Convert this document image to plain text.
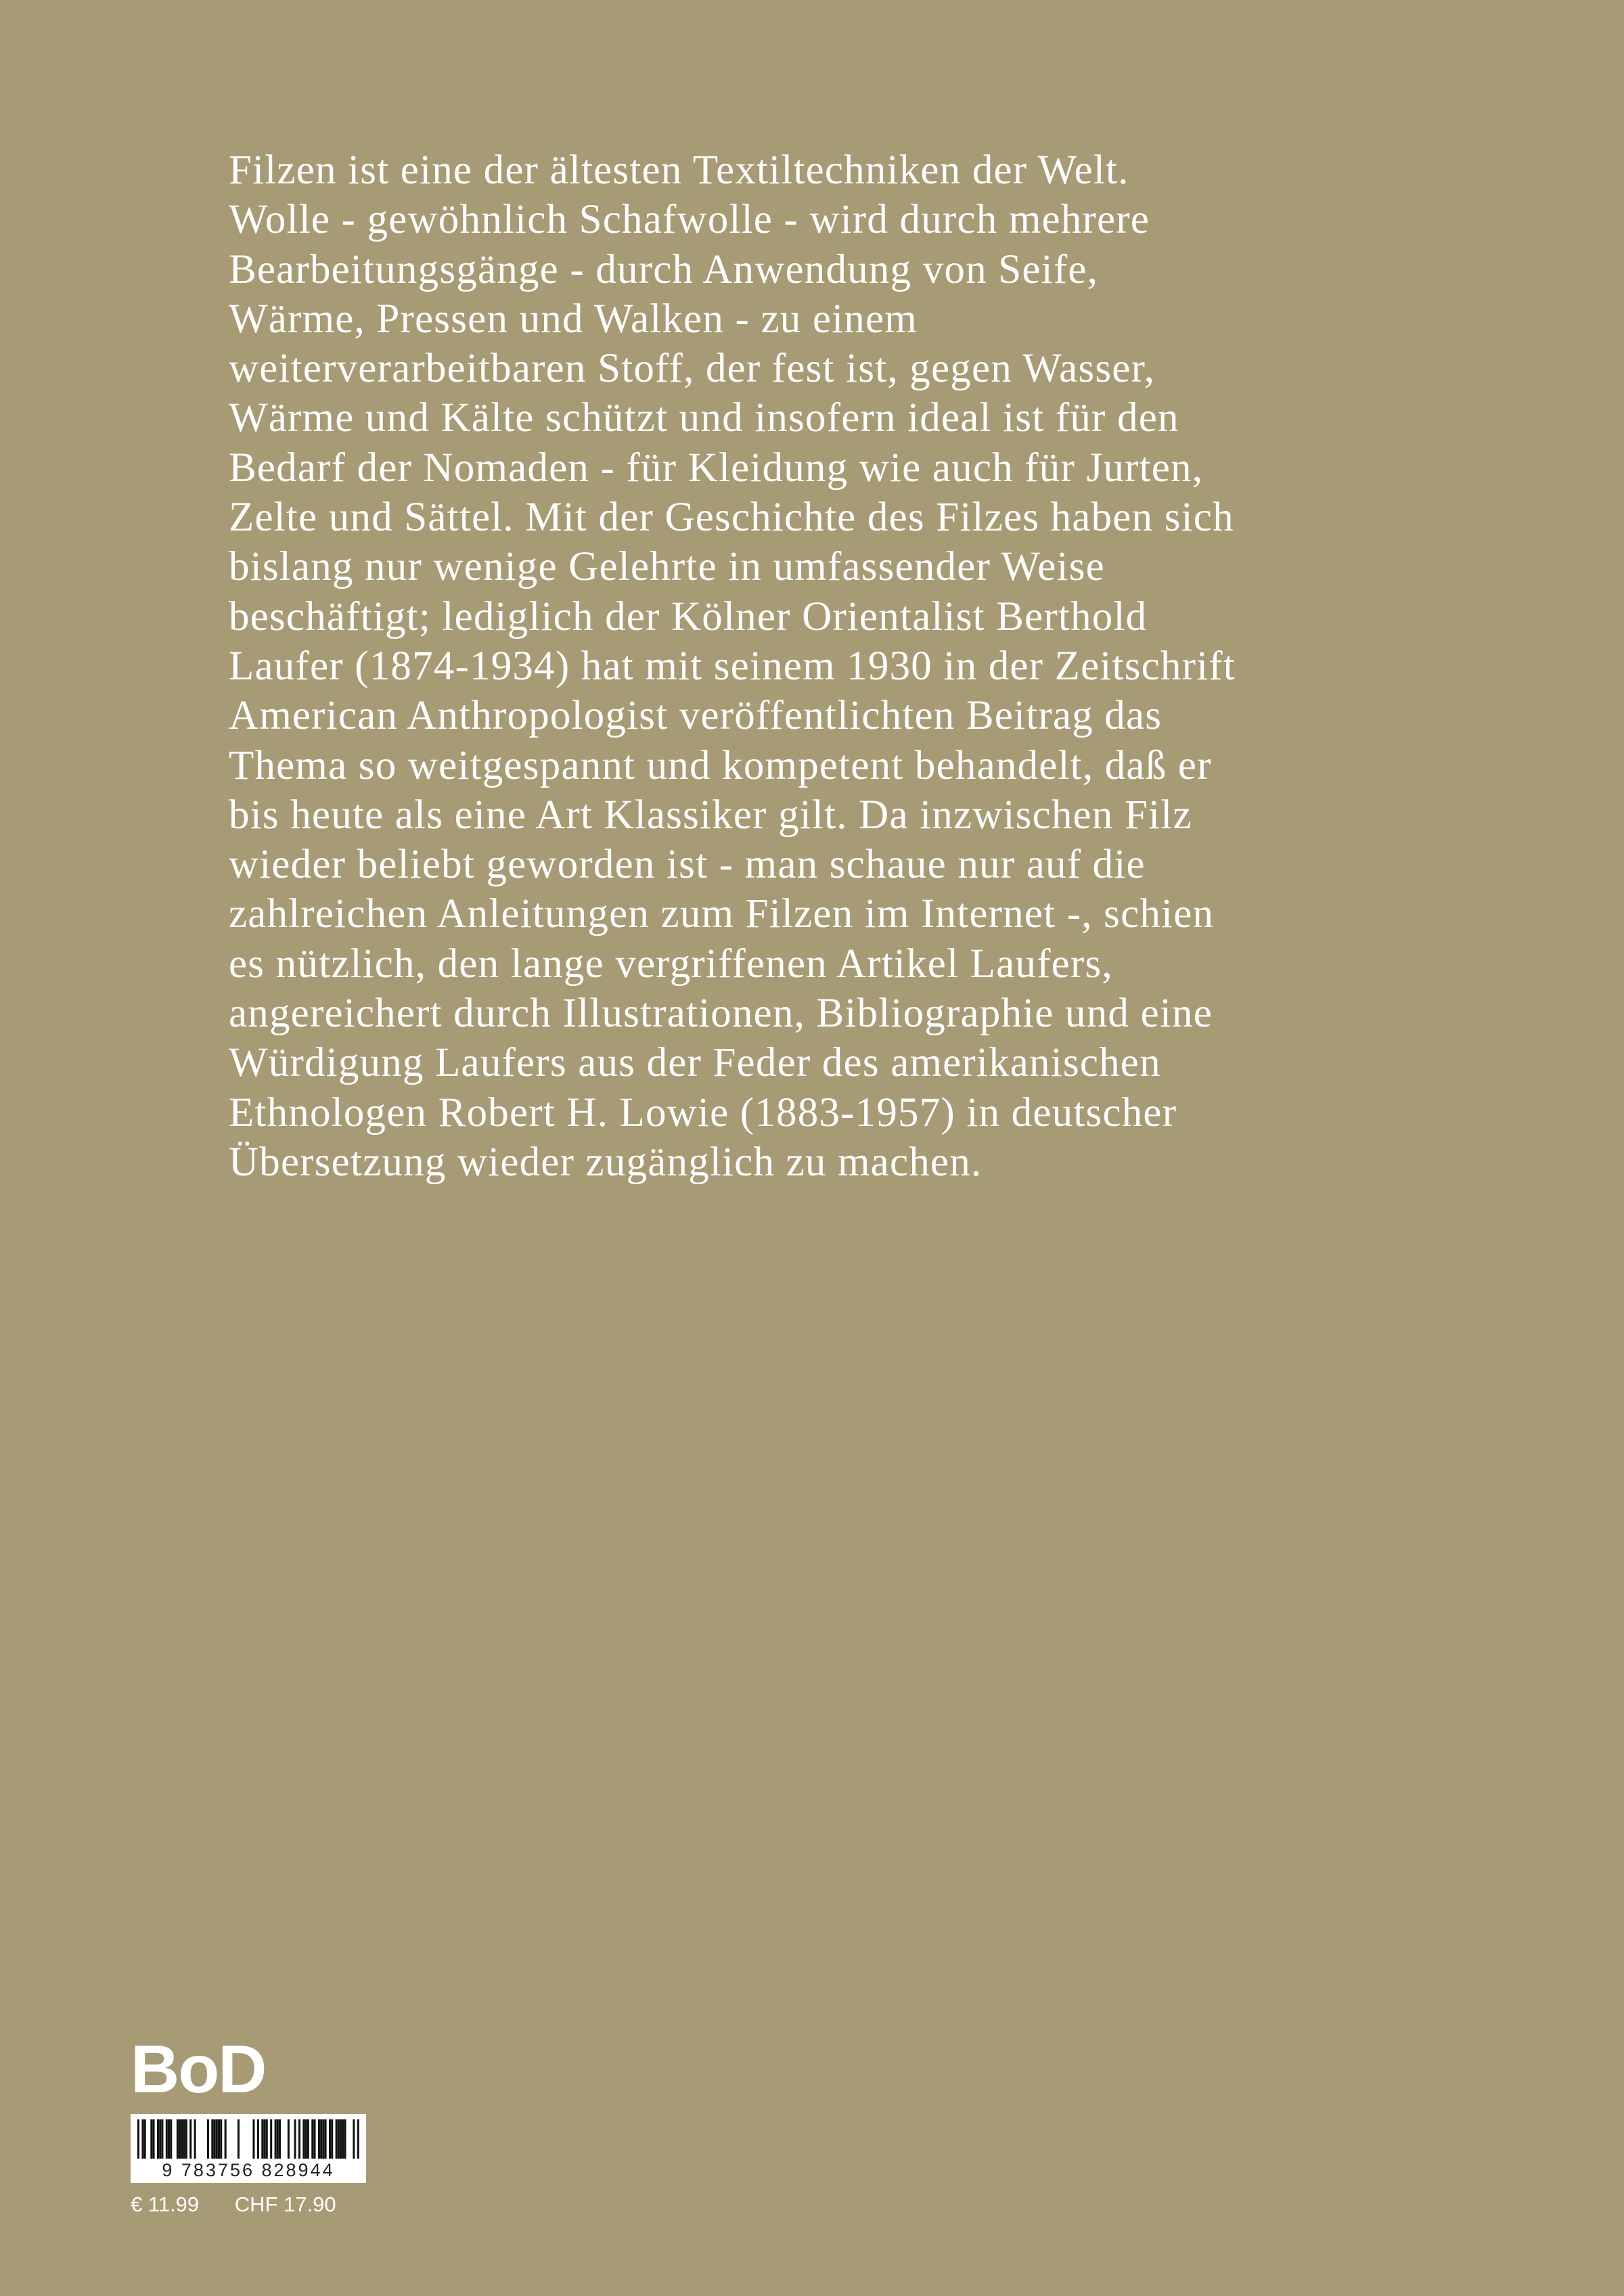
Filzen ist eine der ältesten Textiltechniken der Welt.
Wolle - gewöhnlich Schafwolle - wird durch mehrere
Bearbeitungsgänge - durch Anwendung von Seife,
Wärme, Pressen und Walken - zu einem
weiterverarbeitbaren Stoff, der fest ist, gegen Wasser,
Wärme und Kälte schützt und insofern ideal ist für den
Bedarf der Nomaden - für Kleidung wie auch für Jurten,
Zelte und Sättel. Mit der Geschichte des Filzes haben sich
bislang nur wenige Gelehrte in umfassender Weise
beschäftigt; lediglich der Kölner Orientalist Berthold
Laufer (1874-1934) hat mit seinem 1930 in der Zeitschrift
American Anthropologist veröffentlichten Beitrag das
Thema so weitgespannt und kompetent behandelt, daß er
bis heute als eine Art Klassiker gilt. Da inzwischen Filz
wieder beliebt geworden ist - man schaue nur auf die
zahlreichen Anleitungen zum Filzen im Internet -, schien
es nützlich, den lange vergriffenen Artikel Laufers,
angereichert durch Illustrationen, Bibliographie und eine
Würdigung Laufers aus der Feder des amerikanischen
Ethnologen Robert H. Lowie (1883-1957) in deutscher
Übersetzung wieder zugänglich zu machen.
BoD
9 783756 828944
€ 11.99 CHF 17.90
